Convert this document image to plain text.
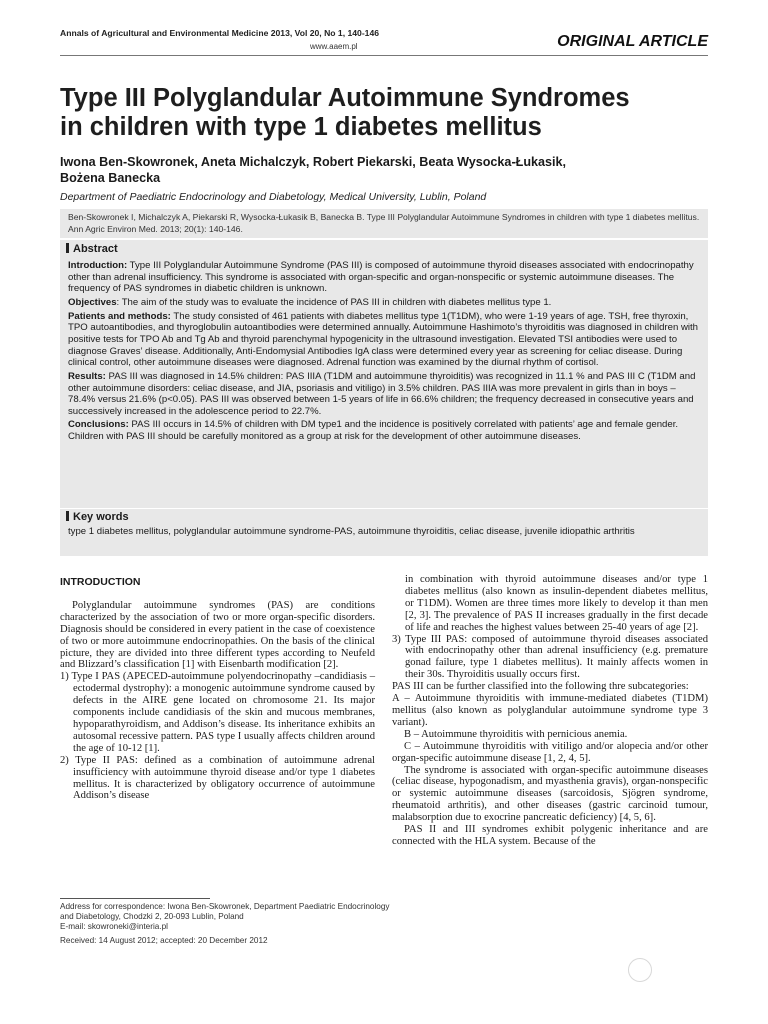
Annals of Agricultural and Environmental Medicine 2013, Vol 20, No 1, 140-146
www.aaem.pl	ORIGINAL ARTICLE
Type III Polyglandular Autoimmune Syndromes
in children with type 1 diabetes mellitus

Iwona Ben-Skowronek, Aneta Michalczyk, Robert Piekarski, Beata Wysocka-Łukasik,
Bożena Banecka

Department of Paediatric Endocrinology and Diabetology, Medical University, Lublin, Poland

Ben-Skowronek I, Michalczyk A, Piekarski R, Wysocka-Łukasik B, Banecka B. Type III Polyglandular Autoimmune Syndromes in children with type 1 diabetes mellitus. Ann Agric Environ Med. 2013; 20(1): 140-146.

Abstract

Introduction: Type III Polyglandular Autoimmune Syndrome (PAS III) is composed of autoimmune thyroid diseases associated with endocrinopathy other than adrenal insufficiency. This syndrome is associated with organ-specific and organ-nonspecific or systemic autoimmune diseases. The frequency of PAS syndromes in diabetic children is unknown.

Objectives: The aim of the study was to evaluate the incidence of PAS III in children with diabetes mellitus type 1.

Patients and methods: The study consisted of 461 patients with diabetes mellitus type 1(T1DM), who were 1-19 years of age. TSH, free thyroxin, TPO autoantibodies, and thyroglobulin autoantibodies were determined annually. Autoimmune Hashimoto’s thyroiditis was diagnosed in children with positive tests for TPO Ab and Tg Ab and thyroid parenchymal hypogenicity in the ultrasound investigation. Elevated TSI antibodies were used to diagnose Graves’ disease. Additionally, Anti-Endomysial Antibodies IgA class were determined every year as screening for celiac disease. During clinical control, other autoimmune diseases were diagnosed. Adrenal function was examined by the diurnal rhythm of cortisol.

Results: PAS III was diagnosed in 14.5% children: PAS IIIA (T1DM and autoimmune thyroiditis) was recognized in 11.1 % and PAS III C (T1DM and other autoimmune disorders: celiac disease, and JIA, psoriasis and vitiligo) in 3.5% children. PAS IIIA was more prevalent in girls than in boys – 78.4% versus 21.6% (p<0.05). PAS III was observed between 1-5 years of life in 66.6% children; the frequency decreased in consecutive years and successively increased in the adolescence period to 22.7%.

Conclusions: PAS III occurs in 14.5% of children with DM type1 and the incidence is positively correlated with patients’ age and female gender. Children with PAS III should be carefully monitored as a group at risk for the development of other autoimmune diseases.

Key words

type 1 diabetes mellitus, polyglandular autoimmune syndrome-PAS, autoimmune thyroiditis, celiac disease, juvenile idiopathic arthritis

INTRODUCTION

Polyglandular autoimmune syndromes (PAS) are conditions characterized by the association of two or more organ-specific disorders. Diagnosis should be considered in every patient in the case of coexistence of two or more autoimmune endocrinopathies. On the basis of the clinical picture, they are divided into three different types according to Neufeld and Blizzard’s classification [1] with Eisenbarth modification [2].

1) Type I PAS (APECED-autoimmune polyendocrinopathy –candidiasis – ectodermal dystrophy): a monogenic autoimmune syndrome caused by defects in the AIRE gene located on chromosome 21. Its major components include candidiasis of the skin and mucous membranes, hypoparathyroidism, and Addison’s disease. Its inheritance exhibits an autosomal recessive pattern. PAS type I usually affects children around the age of 10-12 [1].

2) Type II PAS: defined as a combination of autoimmune adrenal insufficiency with autoimmune thyroid disease and/or type 1 diabetes mellitus. It is characterized by obligatory occurrence of autoimmune Addison’s disease

in combination with thyroid autoimmune diseases and/or type 1 diabetes mellitus (also known as insulin-dependent diabetes mellitus, or T1DM). Women are three times more likely to develop it than men [2, 3]. The prevalence of PAS II increases gradually in the first decade of life and reaches the highest values between 25-40 years of age [2].

3) Type III PAS: composed of autoimmune thyroid diseases associated with endocrinopathy other than adrenal insufficiency (e.g. premature gonad failure, type 1 diabetes mellitus). It mainly affects women in their 30s. Thyroiditis usually occurs first.

PAS III can be further classified into the following thre subcategories:

A – Autoimmune thyroiditis with immune-mediated diabetes (T1DM) mellitus (also known as polyglandular autoimmune syndrome type 3 variant).

B – Autoimmune thyroiditis with pernicious anemia.

C – Autoimmune thyroiditis with vitiligo and/or alopecia and/or other organ-specific autoimmune disease [1, 2, 4, 5].

The syndrome is associated with organ-specific autoimmune diseases (celiac disease, hypogonadism, and myasthenia gravis), organ-nonspecific or systemic autoimmune diseases (sarcoidosis, Sjögren syndrome, rheumatoid arthritis), and other diseases (gastric carcinoid tumour, malabsorption due to exocrine pancreatic deficiency) [4, 5, 6].

PAS II and III syndromes exhibit polygenic inheritance and are connected with the HLA system. Because of the

Address for correspondence: Iwona Ben-Skowronek, Department Paediatric Endocrinology and Diabetology, Chodzki 2, 20-093 Lublin, Poland
E-mail: skowroneki@interia.pl

Received: 14 August 2012; accepted: 20 December 2012
